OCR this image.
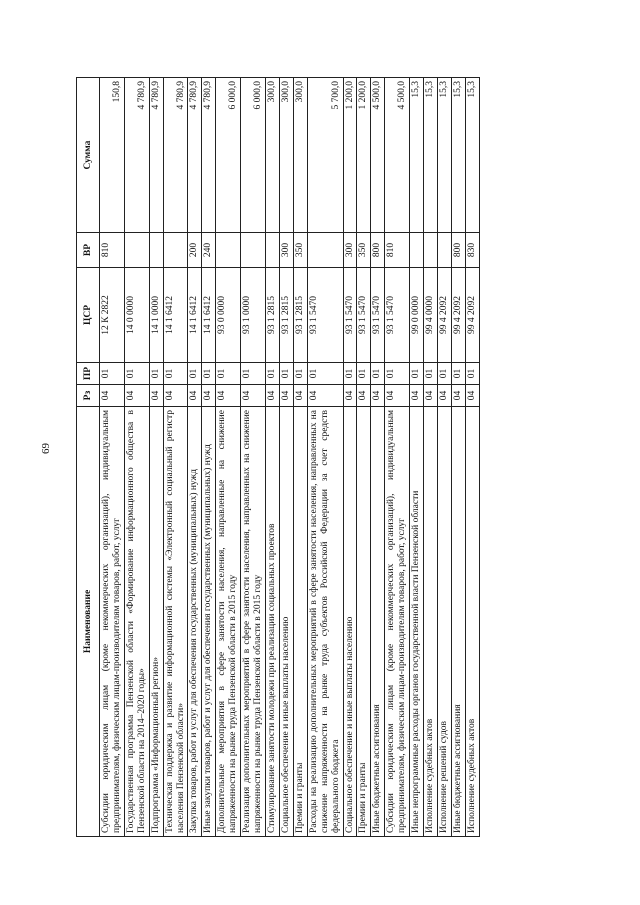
69
Наименование	Рз	ПР	ЦСР	ВР	Сумма
Субсидии юридическим лицам (кроме некоммерческих организаций), индивидуальным предпринимателям, физическим лицам-производителям товаров, работ, услуг	04	01	12 К 2822	810	150,8
Государственная программа Пензенской области «Формирование информационного общества в Пензенской области на 2014–2020 годы»	04	01	14 0 0000		4 780,9
Подпрограмма «Информационный регион»	04	01	14 1 0000		4 780,9
Техническая поддержка и развитие информационной системы «Электронный социальный регистр населения Пензенской области»	04	01	14 1 6412		4 780,9
Закупка товаров, работ и услуг для обеспечения государственных (муниципальных) нужд	04	01	14 1 6412	200	4 780,9
Иные закупки товаров, работ и услуг для обеспечения государственных (муниципальных) нужд	04	01	14 1 6412	240	4 780,9
Дополнительные мероприятия в сфере занятости населения, направленные на снижение напряженности на рынке труда Пензенской области в 2015 году	04	01	93 0 0000		6 000,0
Реализация дополнительных мероприятий в сфере занятости населения, направленных на снижение напряженности на рынке труда Пензенской области в 2015 году	04	01	93 1 0000		6 000,0
Стимулирование занятости молодежи при реализации социальных проектов	04	01	93 1 2815		300,0
Социальное обеспечение и иные выплаты населению	04	01	93 1 2815	300	300,0
Премии и гранты	04	01	93 1 2815	350	300,0
Расходы на реализацию дополнительных мероприятий в сфере занятости населения, направленных на снижение напряженности на рынке труда субъектов Российской Федерации за счет средств федерального бюджета	04	01	93 1 5470		5 700,0
Социальное обеспечение и иные выплаты населению	04	01	93 1 5470	300	1 200,0
Премии и гранты	04	01	93 1 5470	350	1 200,0
Иные бюджетные ассигнования	04	01	93 1 5470	800	4 500,0
Субсидии юридическим лицам (кроме некоммерческих организаций), индивидуальным предпринимателям, физическим лицам-производителям товаров, работ, услуг	04	01	93 1 5470	810	4 500,0
Иные непрограммные расходы органов государственной власти Пензенской области	04	01	99 0 0000		15,3
Исполнение судебных актов	04	01	99 4 0000		15,3
Исполнение решений судов	04	01	99 4 2092		15,3
Иные бюджетные ассигнования	04	01	99 4 2092	800	15,3
Исполнение судебных актов	04	01	99 4 2092	830	15,3
